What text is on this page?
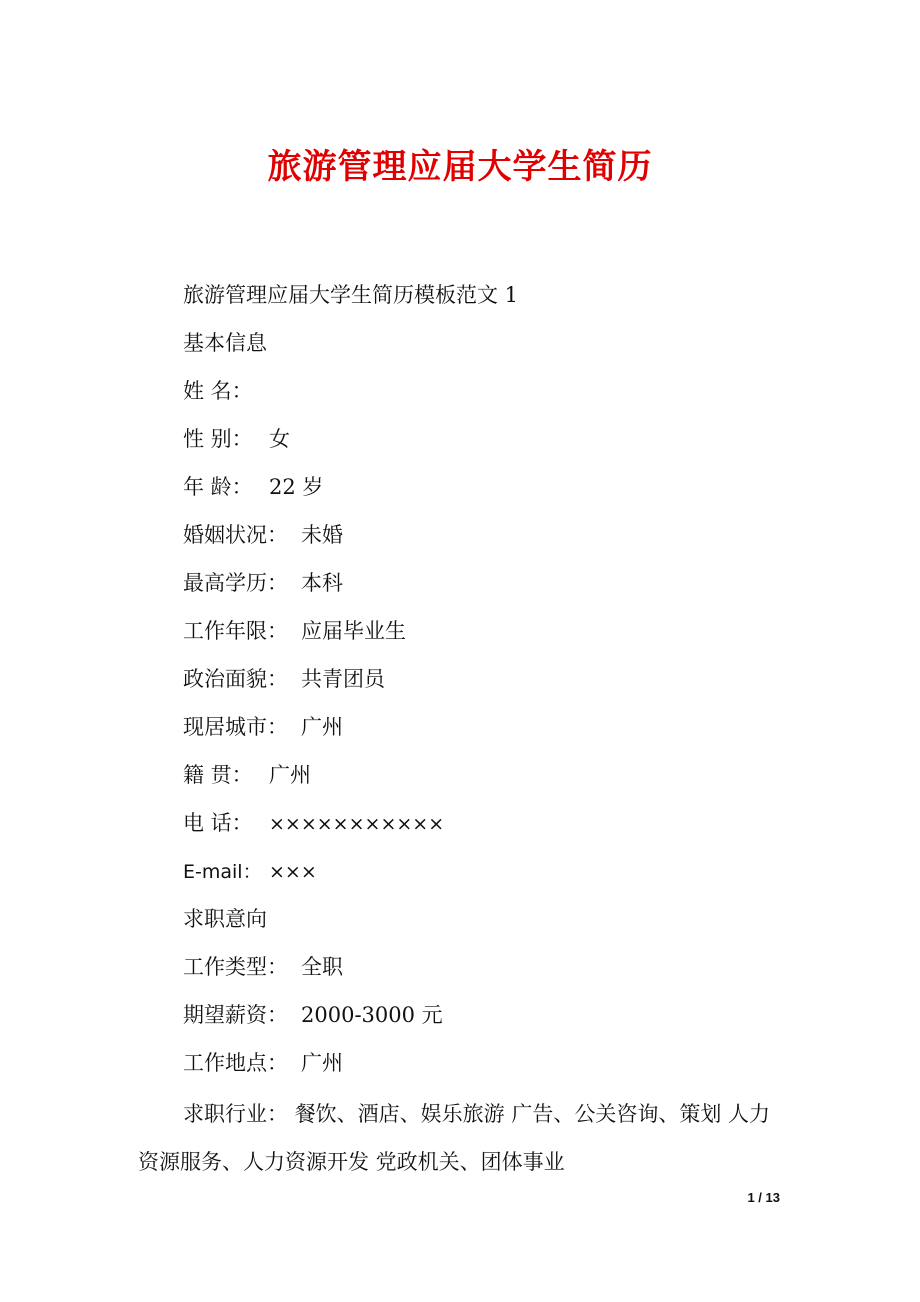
旅游管理应届大学生简历
旅游管理应届大学生简历模板范文 1
基本信息
姓 名：
性 别： 女
年 龄： 22 岁
婚姻状况： 未婚
最高学历： 本科
工作年限： 应届毕业生
政治面貌： 共青团员
现居城市： 广州
籍 贯： 广州
电 话： ×××××××××××
E-mail： ×××
求职意向
工作类型： 全职
期望薪资： 2000-3000 元
工作地点： 广州
求职行业： 餐饮、酒店、娱乐旅游 广告、公关咨询、策划 人力资源服务、人力资源开发 党政机关、团体事业
1 / 13
